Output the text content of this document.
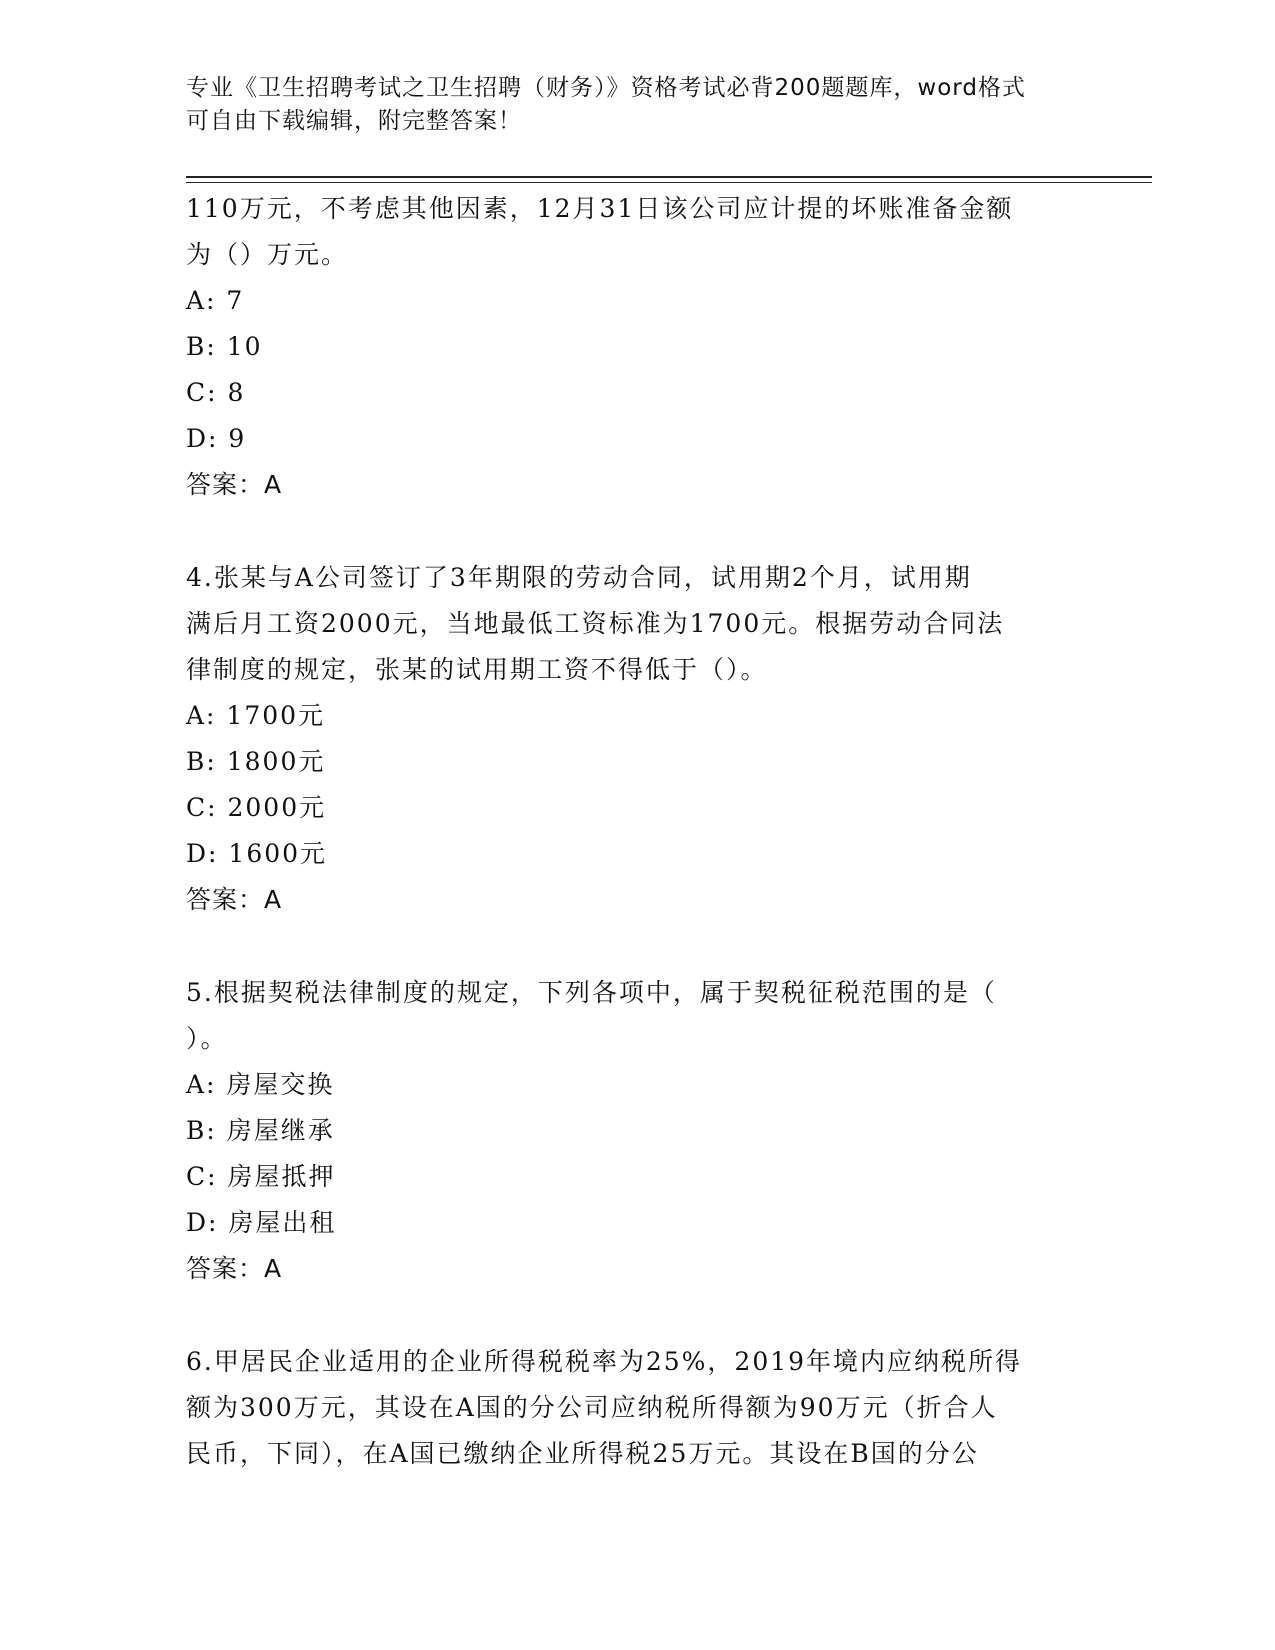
专业《卫生招聘考试之卫生招聘（财务）》资格考试必背200题题库，word格式
可自由下载编辑，附完整答案！

110万元，不考虑其他因素，12月31日该公司应计提的坏账准备金额

为（）万元。

A: 7

B: 10

C: 8

D: 9

答案：A

4.张某与A公司签订了3年期限的劳动合同，试用期2个月，试用期

满后月工资2000元，当地最低工资标准为1700元。根据劳动合同法

律制度的规定，张某的试用期工资不得低于（）。

A: 1700元

B: 1800元

C: 2000元

D: 1600元

答案：A

5.根据契税法律制度的规定，下列各项中，属于契税征税范围的是（

）。

A: 房屋交换

B: 房屋继承

C: 房屋抵押

D: 房屋出租

答案：A

6.甲居民企业适用的企业所得税税率为25%，2019年境内应纳税所得

额为300万元，其设在A国的分公司应纳税所得额为90万元（折合人

民币，下同），在A国已缴纳企业所得税25万元。其设在B国的分公
